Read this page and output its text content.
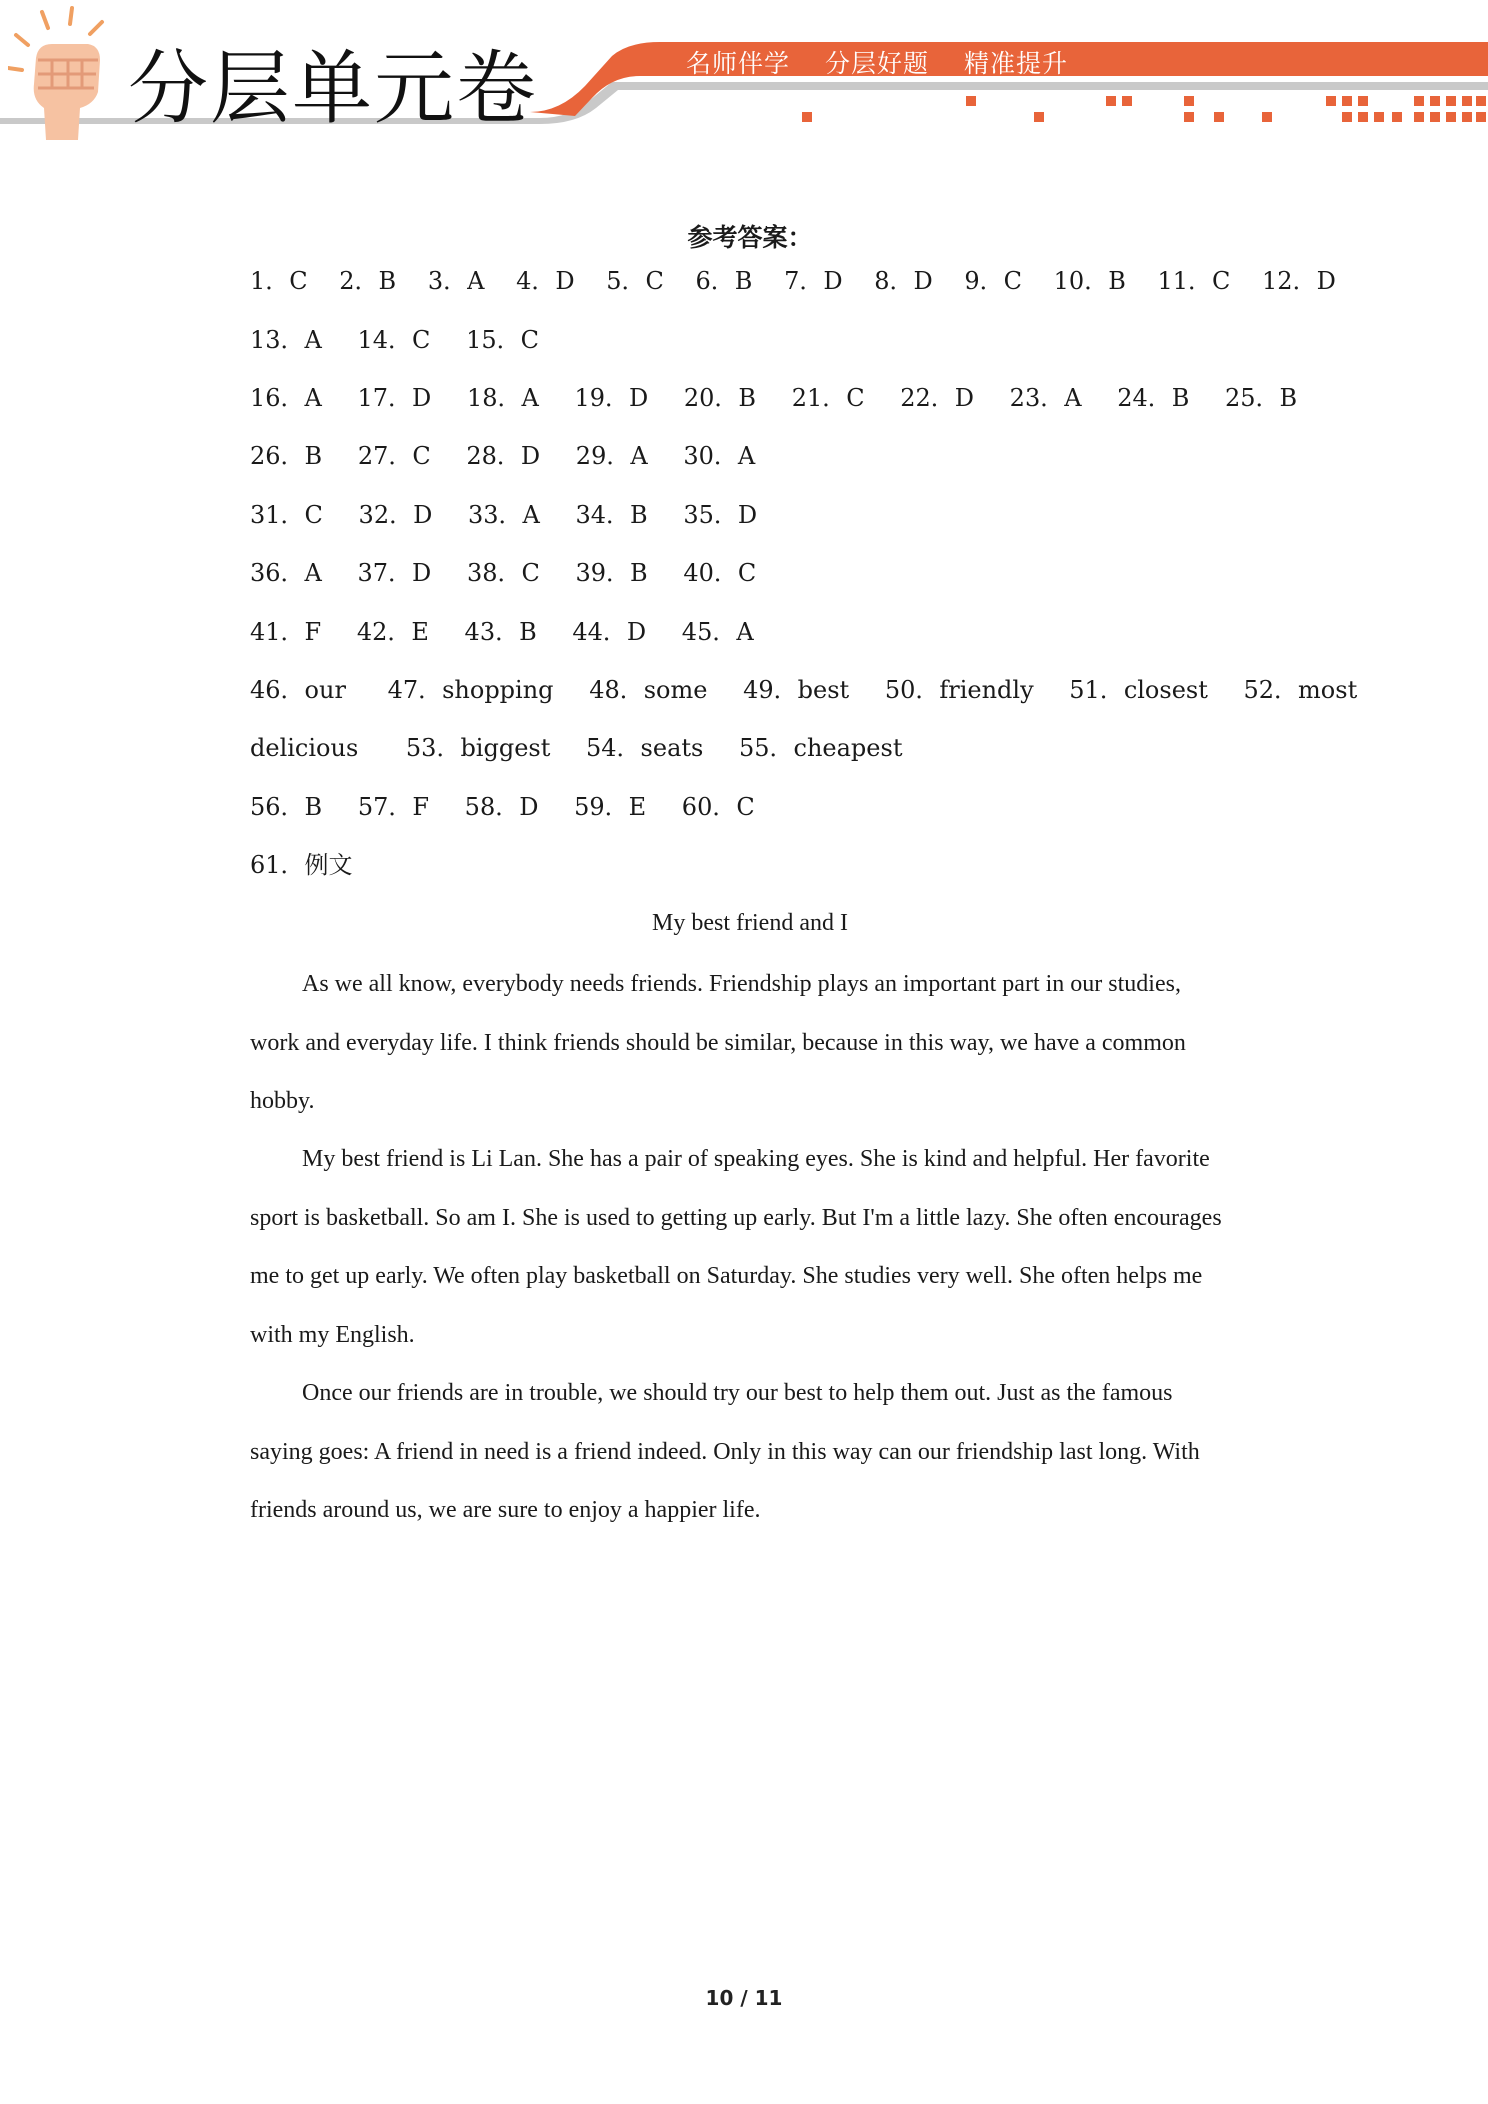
分层单元卷	名师伴学 分层好题 精准提升
参考答案：
1．C 2．B 3．A 4．D 5．C 6．B 7．D 8．D 9．C 10．B 11．C 12．D
13．A 14．C 15．C
16．A 17．D 18．A 19．D 20．B 21．C 22．D 23．A 24．B 25．B
26．B 27．C 28．D 29．A 30．A
31．C 32．D 33．A 34．B 35．D
36．A 37．D 38．C 39．B 40．C
41．F 42．E 43．B 44．D 45．A
46．our 47．shopping 48．some 49．best 50．friendly 51．closest 52．most
delicious 53．biggest 54．seats 55．cheapest
56．B 57．F 58．D 59．E 60．C
61．例文
My best friend and I
As we all know, everybody needs friends. Friendship plays an important part in our studies, work and everyday life. I think friends should be similar, because in this way, we have a common hobby.
My best friend is Li Lan. She has a pair of speaking eyes. She is kind and helpful. Her favorite sport is basketball. So am I. She is used to getting up early. But I'm a little lazy. She often encourages me to get up early. We often play basketball on Saturday. She studies very well. She often helps me with my English.
Once our friends are in trouble, we should try our best to help them out. Just as the famous saying goes: A friend in need is a friend indeed. Only in this way can our friendship last long. With friends around us, we are sure to enjoy a happier life.
10 / 11
